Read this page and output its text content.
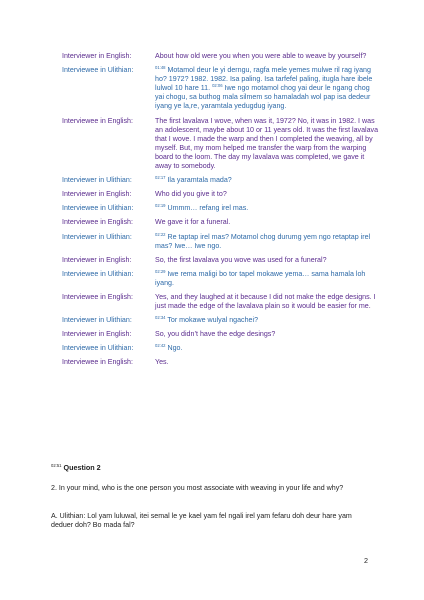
Interviewer in English:	About how old were you when you were able to weave by yourself?
Interviewee in Ulithian:	$^{01:48}$ Motamol deur le yi derngu, ragfa mele yemes mulwe ril rag iyang ho? 1972? 1982. 1982. Isa paling. Isa tarfefel paling, itugla hare ibele lulwol 10 hare 11. $^{02:06}$ Iwe ngo motamol chog yai deur le ngang chog yai chogu, sa buthog mala silmem so hamaladah wol pap isa dedeur iyang ye la,re, yaramtala yedugdug iyang.
Interviewee in English:	The first lavalava I wove, when was it, 1972? No, it was in 1982. I was an adolescent, maybe about 10 or 11 years old. It was the first lavalava that I wove. I made the warp and then I completed the weaving, all by myself. But, my mom helped me transfer the warp from the warping board to the loom. The day my lavalava was completed, we gave it away to somebody.
Interviewer in Ulithian:	$^{02:17}$ Ila yaramtala mada?
Interviewer in English:	Who did you give it to?
Interviewee in Ulithian:	$^{02:19}$ Ummm… refang irel mas.
Interviewee in English:	We gave it for a funeral.
Interviewer in Ulithian:	$^{02:22}$ Re taptap irel mas? Motamol chog durumg yem ngo retaptap irel mas? Iwe… Iwe ngo.
Interviewer in English:	So, the first lavalava you wove was used for a funeral?
Interviewee in Ulithian:	$^{02:29}$ Iwe rema maligi bo tor tapel mokawe yema… sama hamala loh iyang.
Interviewee in English:	Yes, and they laughed at it because I did not make the edge designs. I just made the edge of the lavalava plain so it would be easier for me.
Interviewer in Ulithian:	$^{02:34}$ Tor mokawe wulyal ngachei?
Interviewer in English:	So, you didn’t have the edge desings?
Interviewee in Ulithian:	$^{02:42}$ Ngo.
Interviewee in English:	Yes.
$^{02:51}$ Question 2
2. In your mind, who is the one person you most associate with weaving in your life and why?
A. Ulithian: Lol yam luluwal, itei semal le ye kael yam fel ngali irel yam fefaru doh deur hare yam deduer doh? Bo mada fal?
2
